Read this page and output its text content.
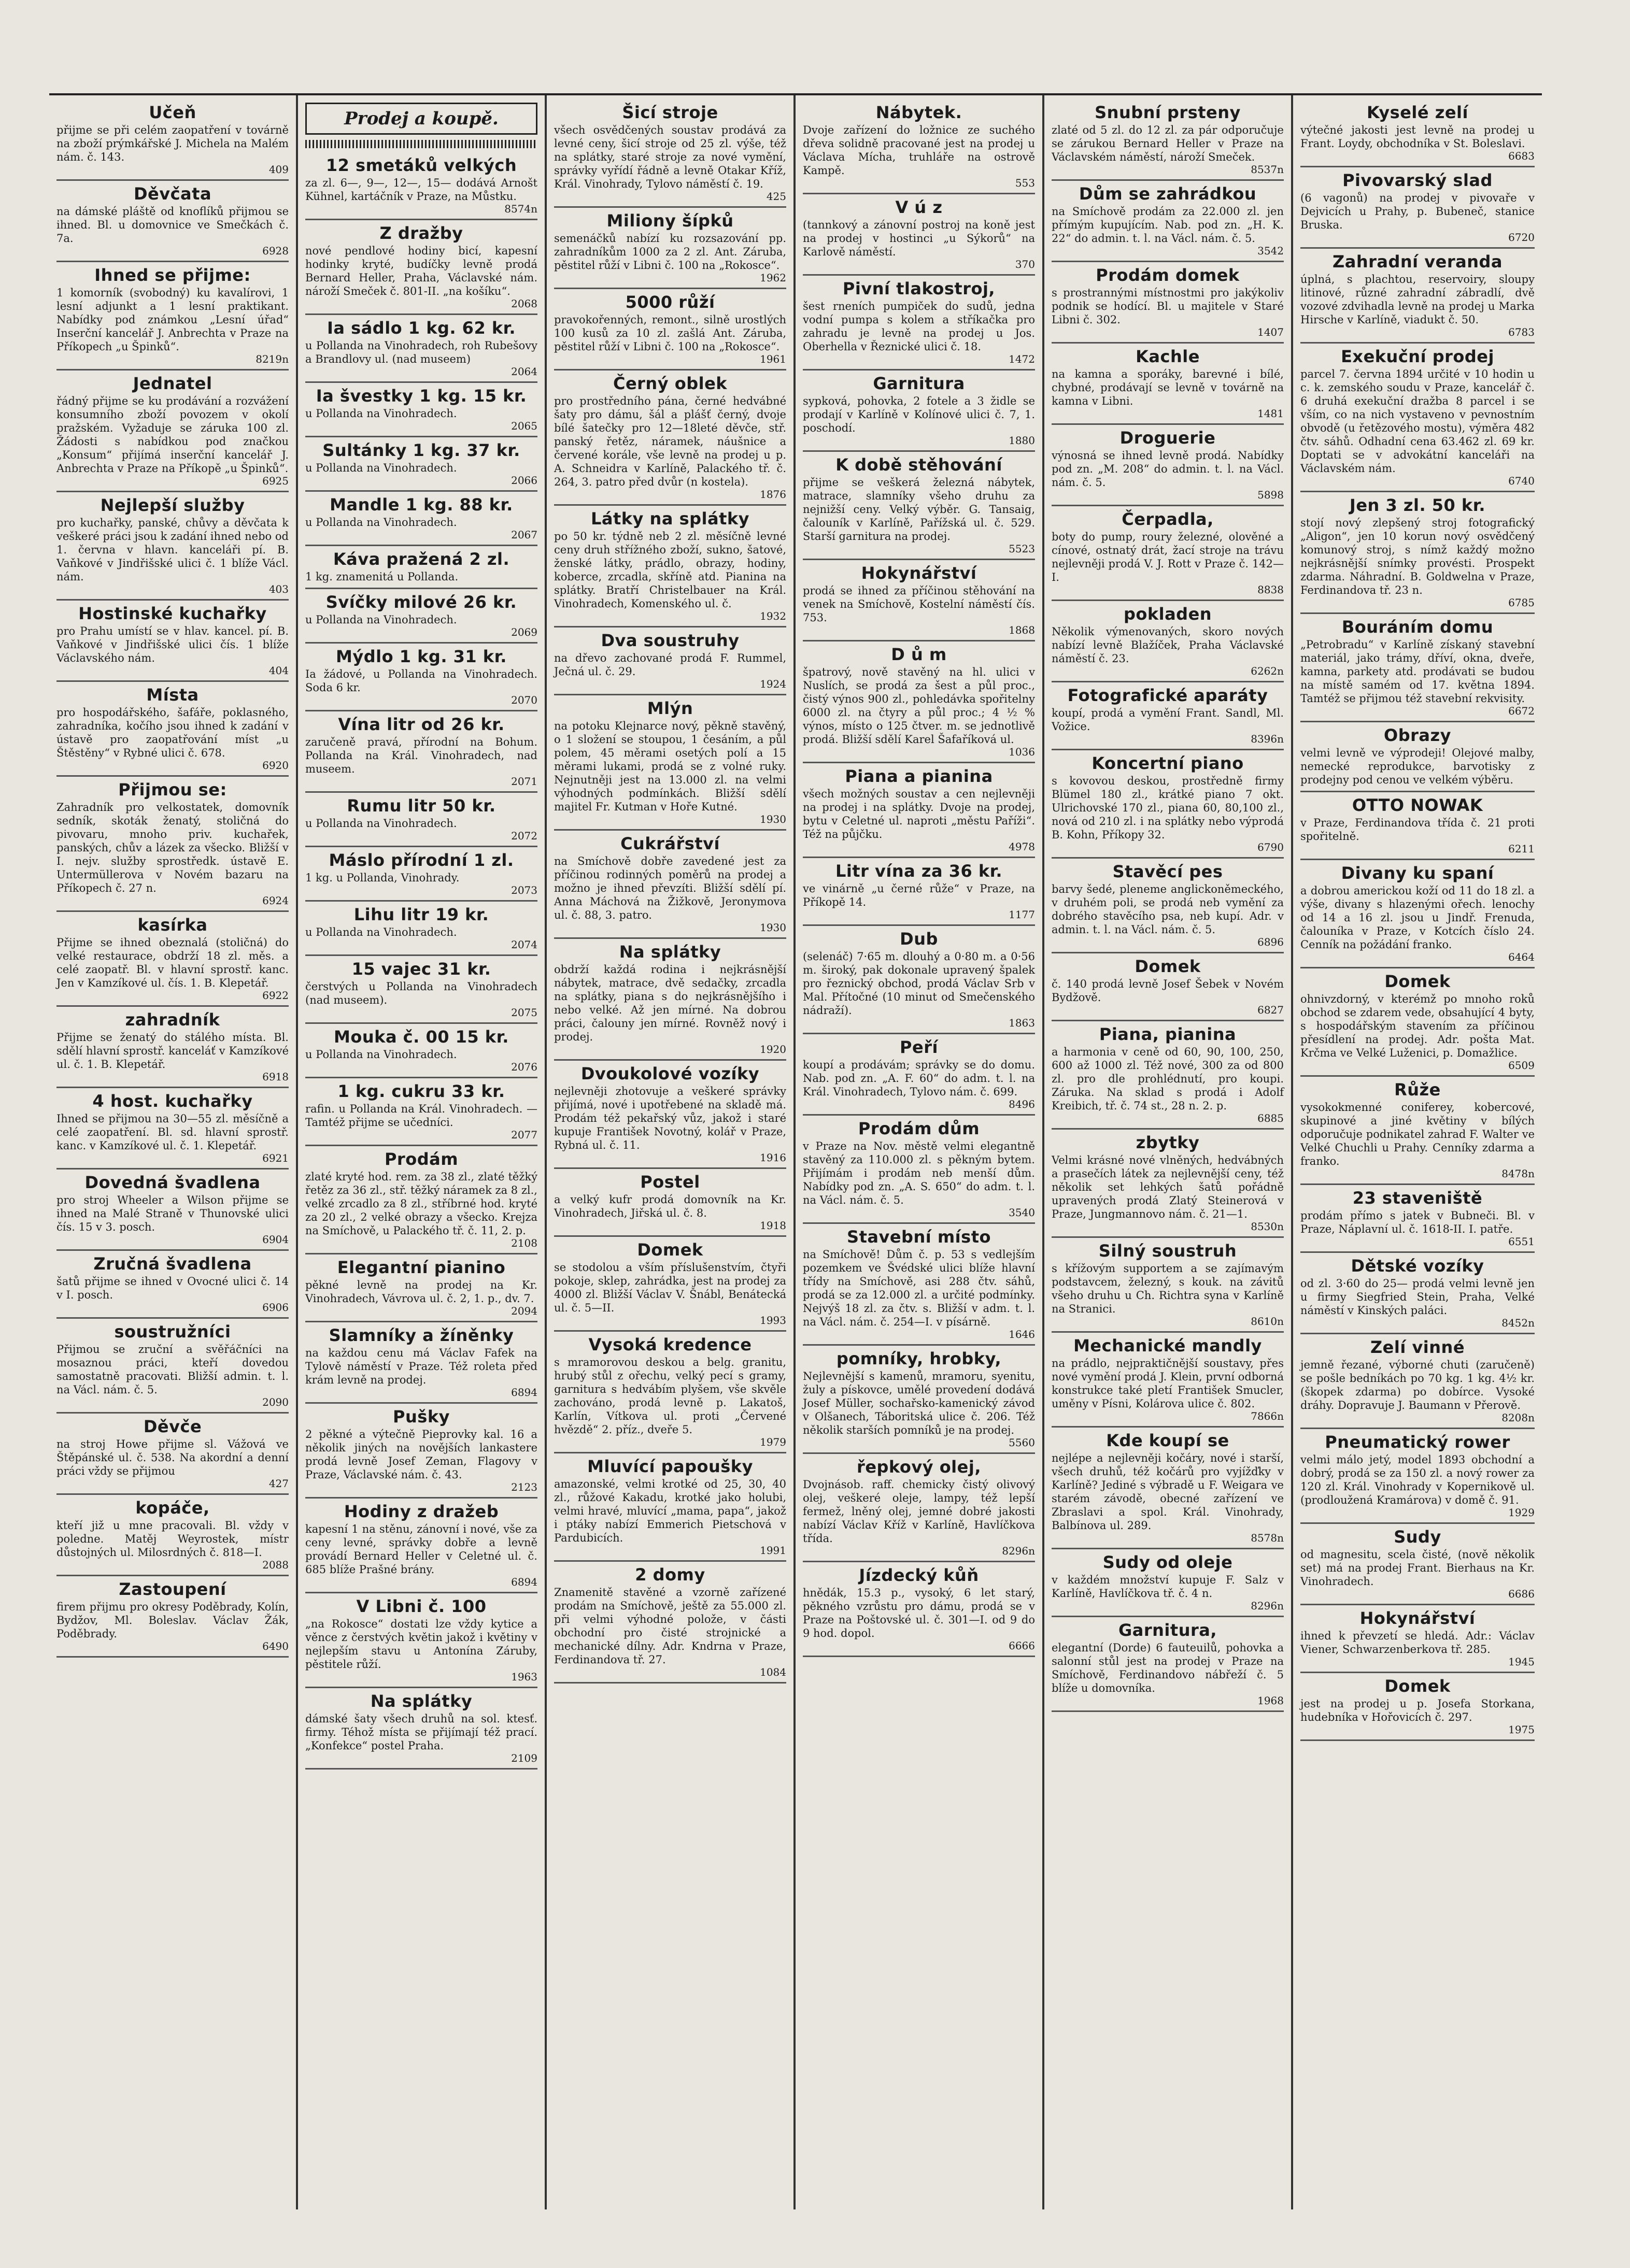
Učeň

přijme se při celém zaopatření v továrně na zboží prýmkářské J. Michela na Malém nám. č. 143.

409
Děvčata

na dámské pláště od knoflíků přijmou se ihned. Bl. u domovnice ve Smečkách č. 7a.

6928
Ihned se přijme:

1 komorník (svobodný) ku kavalírovi, 1 lesní adjunkt a 1 lesní praktikant. Nabídky pod známkou „Lesní úřad“ Inserční kancelář J. Anbrechta v Praze na Příkopech „u Špinků“.

8219n
Jednatel

řádný přijme se ku prodávání a rozvážení konsumního zboží povozem v okolí pražském. Vyžaduje se záruka 100 zl. Žádosti s nabídkou pod značkou „Konsum“ přijímá inserční kancelář J. Anbrechta v Praze na Příkopě „u Špinků“.

6925
Nejlepší služby

pro kuchařky, panské, chůvy a děvčata k veškeré práci jsou k zadání ihned nebo od 1. června v hlavn. kanceláři pí. B. Vaňkové v Jindřišské ulici č. 1 blíže Václ. nám.

403
Hostinské kuchařky

pro Prahu umístí se v hlav. kancel. pí. B. Vaňkové v Jindřišské ulici čís. 1 blíže Václavského nám.

404
Místa

pro hospodářského, šafáře, poklasného, zahradníka, kočího jsou ihned k zadání v ústavě pro zaopatřování míst „u Štěstěny“ v Rybné ulici č. 678.

6920
Přijmou se:

Zahradník pro velkostatek, domovník sedník, skoták ženatý, stoličná do pivovaru, mnoho priv. kuchařek, panských, chův a lázek za všecko. Bližší v I. nejv. služby sprostředk. ústavě E. Untermüllerova v Novém bazaru na Příkopech č. 27 n.

6924
kasírka

Přijme se ihned obeznalá (stoličná) do velké restaurace, obdrží 18 zl. měs. a celé zaopatř. Bl. v hlavní sprostř. kanc. Jen v Kamzíkové ul. čís. 1. B. Klepetář.

6922
zahradník

Přijme se ženatý do stálého místa. Bl. sdělí hlavní sprostř. kanceláť v Kamzíkové ul. č. 1. B. Klepetář.

6918
4 host. kuchařky

Ihned se přijmou na 30—55 zl. měsíčně a celé zaopatření. Bl. sd. hlavní sprostř. kanc. v Kamzíkové ul. č. 1. Klepetář.

6921
Dovedná švadlena

pro stroj Wheeler a Wilson přijme se ihned na Malé Straně v Thunovské ulici čís. 15 v 3. posch.

6904
Zručná švadlena

šatů přijme se ihned v Ovocné ulici č. 14 v I. posch.

6906
soustružníci

Přijmou se zruční a svěřáčníci na mosaznou práci, kteří dovedou samostatně pracovati. Bližší admin. t. l. na Václ. nám. č. 5.

2090
Děvče

na stroj Howe přijme sl. Vážová ve Štěpánské ul. č. 538. Na akordní a denní práci vždy se přijmou

427
kopáče,

kteří již u mne pracovali. Bl. vždy v poledne. Matěj Weyrostek, místr důstojných ul. Milosrdných č. 818—I.

2088
Zastoupení

firem přijmu pro okresy Poděbrady, Kolín, Bydžov, Ml. Boleslav. Václav Žák, Poděbrady.

6490
Prodej a koupě.
12 smetáků velkých

za zl. 6—, 9—, 12—, 15— dodává Arnošt Kühnel, kartáčník v Praze, na Můstku.

8574n
Z dražby

nové pendlové hodiny bicí, kapesní hodinky kryté, budíčky levně prodá Bernard Heller, Praha, Václavské nám. nároží Smeček č. 801-II. „na košíku“.

2068
Ia sádlo 1 kg. 62 kr.

u Pollanda na Vinohradech, roh Rubešovy a Brandlovy ul. (nad museem)

2064
Ia švestky 1 kg. 15 kr.

u Pollanda na Vinohradech.

2065
Sultánky 1 kg. 37 kr.

u Pollanda na Vinohradech.

2066
Mandle 1 kg. 88 kr.

u Pollanda na Vinohradech.

2067
Káva pražená 2 zl.

1 kg. znamenitá u Pollanda.

Svíčky milové 26 kr.

u Pollanda na Vinohradech.

2069
Mýdlo 1 kg. 31 kr.

Ia žádové, u Pollanda na Vinohradech. Soda 6 kr.

2070
Vína litr od 26 kr.

zaručeně pravá, přírodní na Bohum. Pollanda na Král. Vinohradech, nad museem.

2071
Rumu litr 50 kr.

u Pollanda na Vinohradech.

2072
Máslo přírodní 1 zl.

1 kg. u Pollanda, Vinohrady.

2073
Lihu litr 19 kr.

u Pollanda na Vinohradech.

2074
15 vajec 31 kr.

čerstvých u Pollanda na Vinohradech (nad museem).

2075
Mouka č. 00 15 kr.

u Pollanda na Vinohradech.

2076
1 kg. cukru 33 kr.

rafin. u Pollanda na Král. Vinohradech. — Tamtéž přijme se učedníci.

2077
Prodám

zlaté kryté hod. rem. za 38 zl., zlaté těžký řetěz za 36 zl., stř. těžký náramek za 8 zl., velké zrcadlo za 8 zl., stříbrné hod. kryté za 20 zl., 2 velké obrazy a všecko. Krejza na Smíchově, u Palackého tř. č. 11, 2. p.

2108
Elegantní pianino

pěkné levně na prodej na Kr. Vinohradech, Vávrova ul. č. 2, 1. p., dv. 7.

2094
Slamníky a žíněnky

na každou cenu má Václav Fafek na Tylově náměstí v Praze. Též roleta před krám levně na prodej.

6894
Pušky

2 pěkné a výtečně Pieprovky kal. 16 a několik jiných na novějších lankastere prodá levně Josef Zeman, Flagovy v Praze, Václavské nám. č. 43.

2123
Hodiny z dražeb

kapesní 1 na stěnu, zánovní i nové, vše za ceny levné, správky dobře a levně provádí Bernard Heller v Celetné ul. č. 685 blíže Prašné brány.

6894
V Libni č. 100

„na Rokosce“ dostati lze vždy kytice a věnce z čerstvých květin jakož i květiny v nejlepším stavu u Antonína Záruby, pěstitele růží.

1963
Na splátky

dámské šaty všech druhů na sol. ktesť. firmy. Téhož místa se přijímají též prací. „Konfekce“ postel Praha.

2109
Šicí stroje

všech osvědčených soustav prodává za levné ceny, šicí stroje od 25 zl. výše, též na splátky, staré stroje za nové vymění, správky vyřídí řádně a levně Otakar Kříž, Král. Vinohrady, Tylovo náměstí č. 19.

425
Miliony šípků

semenáčků nabízí ku rozsazování pp. zahradníkům 1000 za 2 zl. Ant. Záruba, pěstitel růží v Libni č. 100 na „Rokosce“.

1962
5000 růží

pravokořenných, remont., silně urostlých 100 kusů za 10 zl. zašlá Ant. Záruba, pěstitel růží v Libni č. 100 na „Rokosce“.

1961
Černý oblek

pro prostředního pána, černé hedvábné šaty pro dámu, šál a plášť černý, dvoje bílé šatečky pro 12—18leté děvče, stř. panský řetěz, náramek, náušnice a červené korále, vše levně na prodej u p. A. Schneidra v Karlíně, Palackého tř. č. 264, 3. patro před dvůr (n kostela).

1876
Látky na splátky

po 50 kr. týdně neb 2 zl. měsíčně levné ceny druh střížného zboží, sukno, šatové, ženské látky, prádlo, obrazy, hodiny, koberce, zrcadla, skříně atd. Pianina na splátky. Bratří Christelbauer na Král. Vinohradech, Komenského ul. č.

1932
Dva soustruhy

na dřevo zachované prodá F. Rummel, Ječná ul. č. 29.

1924
Mlýn

na potoku Klejnarce nový, pěkně stavěný, o 1 složení se stoupou, 1 česáním, a půl polem, 45 měrami osetých polí a 15 měrami lukami, prodá se z volné ruky. Nejnutněji jest na 13.000 zl. na velmi výhodných podmínkách. Bližší sdělí majitel Fr. Kutman v Hoře Kutné.

1930
Cukrářství

na Smíchově dobře zavedené jest za příčinou rodinných poměrů na prodej a možno je ihned převzíti. Bližší sdělí pí. Anna Máchová na Žižkově, Jeronymova ul. č. 88, 3. patro.

1930
Na splátky

obdrží každá rodina i nejkrásnější nábytek, matrace, dvě sedačky, zrcadla na splátky, piana s do nejkrásnějšího i nebo velké. Až jen mírné. Na dobrou práci, čalouny jen mírné. Rovněž nový i prodej.

1920
Dvoukolové vozíky

nejlevněji zhotovuje a veškeré správky přijímá, nové i upotřebené na skladě má. Prodám též pekařský vůz, jakož i staré kupuje František Novotný, kolář v Praze, Rybná ul. č. 11.

1916
Postel

a velký kufr prodá domovník na Kr. Vinohradech, Jiřská ul. č. 8.

1918
Domek

se stodolou a vším příslušenstvím, čtyři pokoje, sklep, zahrádka, jest na prodej za 4000 zl. Bližší Václav V. Šnábl, Benátecká ul. č. 5—II.

1993
Vysoká kredence

s mramorovou deskou a belg. granitu, hrubý stůl z ořechu, velký pecí s gramy, garnitura s hedvábím plyšem, vše skvěle zachováno, prodá levně p. Lakatoš, Karlín, Vítkova ul. proti „Červené hvězdě“ 2. příz., dveře 5.

1979
Mluvící papoušky

amazonské, velmi krotké od 25, 30, 40 zl., růžové Kakadu, krotké jako holubi, velmi hravé, mluvící „mama, papa“, jakož i ptáky nabízí Emmerich Pietschová v Pardubicích.

1991
2 domy

Znamenitě stavěné a vzorně zařízené prodám na Smíchově, ještě za 55.000 zl. při velmi výhodné polože, v části obchodní pro čisté strojnické a mechanické dílny. Adr. Kndrna v Praze, Ferdinandova tř. 27.

1084
Nábytek.

Dvoje zařízení do ložnice ze suchého dřeva solidně pracované jest na prodej u Václava Mícha, truhláře na ostrově Kampě.

553
V ú z

(tannkový a zánovní postroj na koně jest na prodej v hostinci „u Sýkorů“ na Karlově náměstí.

370
Pivní tlakostroj,

šest rneních pumpiček do sudů, jedna vodní pumpa s kolem a stříkačka pro zahradu je levně na prodej u Jos. Oberhella v Řeznické ulici č. 18.

1472
Garnitura

sypková, pohovka, 2 fotele a 3 židle se prodají v Karlíně v Kolínové ulici č. 7, 1. poschodí.

1880
K době stěhování

přijme se veškerá železná nábytek, matrace, slamníky všeho druhu za nejnižší ceny. Velký výběr. G. Tansaig, čalouník v Karlíně, Pařížská ul. č. 529. Starší garnitura na prodej.

5523
Hokynářství

prodá se ihned za příčinou stěhování na venek na Smíchově, Kostelní náměstí čís. 753.

1868
D ů m

špatrový, nově stavěný na hl. ulici v Nuslích, se prodá za šest a půl proc., čistý výnos 900 zl., pohledávka spořitelny 6000 zl. na čtyry a půl proc.; 4 ½ % výnos, místo o 125 čtver. m. se jednotlivě prodá. Bližší sdělí Karel Šafaříková ul.

1036
Piana a pianina

všech možných soustav a cen nejlevněji na prodej i na splátky. Dvoje na prodej, bytu v Celetné ul. naproti „městu Paříži“. Též na půjčku.

4978
Litr vína za 36 kr.

ve vinárně „u černé růže“ v Praze, na Příkopě 14.

1177
Dub

(selenáč) 7·65 m. dlouhý a 0·80 m. a 0·56 m. široký, pak dokonale upravený špalek pro řeznický obchod, prodá Václav Srb v Mal. Přítočné (10 minut od Smečenského nádraží).

1863
Peří

koupí a prodávám; správky se do domu. Nab. pod zn. „A. F. 60“ do adm. t. l. na Král. Vinohradech, Tylovo nám. č. 699.

8496
Prodám dům

v Praze na Nov. městě velmi elegantně stavěný za 110.000 zl. s pěkným bytem. Přijímám i prodám neb menší dům. Nabídky pod zn. „A. S. 650“ do adm. t. l. na Václ. nám. č. 5.

3540
Stavební místo

na Smíchově! Dům č. p. 53 s vedlejším pozemkem ve Švédské ulici blíže hlavní třídy na Smíchově, asi 288 čtv. sáhů, prodá se za 12.000 zl. a určité podmínky. Nejvýš 18 zl. za čtv. s. Bližší v adm. t. l. na Václ. nám. č. 254—I. v písárně.

1646
pomníky, hrobky,

Nejlevnější s kamenů, mramoru, syenitu, žuly a pískovce, umělé provedení dodává Josef Müller, sochařsko-kamenický závod v Olšanech, Táboritská ulice č. 206. Též několik starších pomníků je na prodej.

5560
řepkový olej,

Dvojnásob. raff. chemicky čistý olivový olej, veškeré oleje, lampy, též lepší fermež, lněný olej, jemné dobré jakosti nabízí Václav Kříž v Karlíně, Havlíčkova třída.

8296n
Jízdecký kůň

hnědák, 15.3 p., vysoký, 6 let starý, pěkného vzrůstu pro dámu, prodá se v Praze na Poštovské ul. č. 301—I. od 9 do 9 hod. dopol.

6666
Snubní prsteny

zlaté od 5 zl. do 12 zl. za pár odporučuje se zárukou Bernard Heller v Praze na Václavském náměstí, nároží Smeček.

8537n
Dům se zahrádkou

na Smíchově prodám za 22.000 zl. jen přímým kupujícím. Nab. pod zn. „H. K. 22“ do admin. t. l. na Václ. nám. č. 5.

3542
Prodám domek

s prostrannými místnostmi pro jakýkoliv podnik se hodící. Bl. u majitele v Staré Libni č. 302.

1407
Kachle

na kamna a sporáky, barevné i bílé, chybné, prodávají se levně v továrně na kamna v Libni.

1481
Droguerie

výnosná se ihned levně prodá. Nabídky pod zn. „M. 208“ do admin. t. l. na Václ. nám. č. 5.

5898
Čerpadla,

boty do pump, roury železné, olověné a cínové, ostnatý drát, žací stroje na trávu nejlevněji prodá V. J. Rott v Praze č. 142—I.

8838
pokladen

Několik výmenovaných, skoro nových nabízí levně Blažíček, Praha Václavské náměstí č. 23.

6262n
Fotografické aparáty

koupí, prodá a vymění Frant. Sandl, Ml. Vožice.

8396n
Koncertní piano

s kovovou deskou, prostředně firmy Blümel 180 zl., krátké piano 7 okt. Ulrichovské 170 zl., piana 60, 80,100 zl., nová od 210 zl. i na splátky nebo výprodá B. Kohn, Příkopy 32.

6790
Stavěcí pes

barvy šedé, pleneme anglickoněmeckého, v druhém poli, se prodá neb vymění za dobrého stavěcího psa, neb kupí. Adr. v admin. t. l. na Václ. nám. č. 5.

6896
Domek

č. 140 prodá levně Josef Šebek v Novém Bydžově.

6827
Piana, pianina

a harmonia v ceně od 60, 90, 100, 250, 600 až 1000 zl. Též nové, 300 za od 800 zl. pro dle prohlédnutí, pro koupi. Záruka. Na sklad s prodá i Adolf Kreibich, tř. č. 74 st., 28 n. 2. p.

6885
zbytky

Velmi krásné nové vlněných, hedvábných a prasečích látek za nejlevnější ceny, též několik set lehkých šatů pořádně upravených prodá Zlatý Steinerová v Praze, Jungmannovo nám. č. 21—1.

8530n
Silný soustruh

s křížovým supportem a se zajímavým podstavcem, železný, s kouk. na závitů všeho druhu u Ch. Richtra syna v Karlíně na Stranici.

8610n
Mechanické mandly

na prádlo, nejpraktičnější soustavy, přes nové vymění prodá J. Klein, první odborná konstrukce také pletí František Smucler, uměny v Písni, Kolárova ulice č. 802.

7866n
Kde koupí se

nejlépe a nejlevněji kočáry, nové i starší, všech druhů, též kočárů pro vyjížďky v Karlíně? Jediné s výbradě u F. Weigara ve starém závodě, obecné zařízení ve Zbraslavi a spol. Král. Vinohrady, Balbínova ul. 289.

8578n
Sudy od oleje

v každém množství kupuje F. Salz v Karlíně, Havlíčkova tř. č. 4 n.

8296n
Garnitura,

elegantní (Dorde) 6 fauteuilů, pohovka a salonní stůl jest na prodej v Praze na Smíchově, Ferdinandovo nábřeží č. 5 blíže u domovníka.

1968
Kyselé zelí

výtečné jakosti jest levně na prodej u Frant. Loydy, obchodníka v St. Boleslavi.

6683
Pivovarský slad

(6 vagonů) na prodej v pivovaře v Dejvicích u Prahy, p. Bubeneč, stanice Bruska.

6720
Zahradní veranda

úplná, s plachtou, reservoiry, sloupy litinové, různé zahradní zábradlí, dvě vozové zdvihadla levně na prodej u Marka Hirsche v Karlíně, viadukt č. 50.

6783
Exekuční prodej

parcel 7. června 1894 určité v 10 hodin u c. k. zemského soudu v Praze, kancelář č. 6 druhá exekuční dražba 8 parcel i se vším, co na nich vystaveno v pevnostním obvodě (u řetězového mostu), výměra 482 čtv. sáhů. Odhadní cena 63.462 zl. 69 kr. Doptati se v advokátní kanceláři na Václavském nám.

6740
Jen 3 zl. 50 kr.

stojí nový zlepšený stroj fotografický „Aligon“, jen 10 korun nový osvědčený komunový stroj, s nímž každý možno nejkrásnější snímky provésti. Prospekt zdarma. Náhradní. B. Goldwelna v Praze, Ferdinandova tř. 23 n.

6785
Bouráním domu

„Petrobradu“ v Karlíně získaný stavební materiál, jako trámy, dříví, okna, dveře, kamna, parkety atd. prodávati se budou na místě samém od 17. května 1894. Tamtéž se přijmou též stavební rekvisity.

6672
Obrazy

velmi levně ve výprodeji! Olejové malby, nemecké reprodukce, barvotisky z prodejny pod cenou ve velkém výběru.

OTTO NOWAK

v Praze, Ferdinandova třída č. 21 proti spořitelně.

6211
Divany ku spaní

a dobrou americkou koží od 11 do 18 zl. a výše, divany s hlazenými ořech. lenochy od 14 a 16 zl. jsou u Jindř. Frenuda, čalouníka v Praze, v Kotcích číslo 24. Cenník na požádání franko.

6464
Domek

ohnivzdorný, v kterémž po mnoho roků obchod se zdarem vede, obsahující 4 byty, s hospodářským stavením za příčinou přesídlení na prodej. Adr. pošta Mat. Krčma ve Velké Luženici, p. Domažlice.

6509
Růže

vysokokmenné coniferey, kobercové, skupinové a jiné květiny v bílých odporučuje podnikatel zahrad F. Walter ve Velké Chuchli u Prahy. Cenníky zdarma a franko.

8478n
23 staveniště

prodám přímo s jatek v Bubneči. Bl. v Praze, Náplavní ul. č. 1618-II. I. patře.

6551
Dětské vozíky

od zl. 3·60 do 25— prodá velmi levně jen u firmy Siegfried Stein, Praha, Velké náměstí v Kinských paláci.

8452n
Zelí vinné

jemně řezané, výborné chuti (zaručeně) se pošle bedníkách po 70 kg. 1 kg. 4½ kr. (škopek zdarma) po dobírce. Vysoké dráhy. Dopravuje J. Baumann v Přerově.

8208n
Pneumatický rower

velmi málo jetý, model 1893 obchodní a dobrý, prodá se za 150 zl. a nový rower za 120 zl. Král. Vinohrady v Kopernikově ul. (prodloužená Kramárova) v domě č. 91.

1929
Sudy

od magnesitu, scela čisté, (nově několik set) má na prodej Frant. Bierhaus na Kr. Vinohradech.

6686
Hokynářství

ihned k převzetí se hledá. Adr.: Václav Viener, Schwarzenberkova tř. 285.

1945
Domek

jest na prodej u p. Josefa Storkana, hudebníka v Hořovicích č. 297.

1975
